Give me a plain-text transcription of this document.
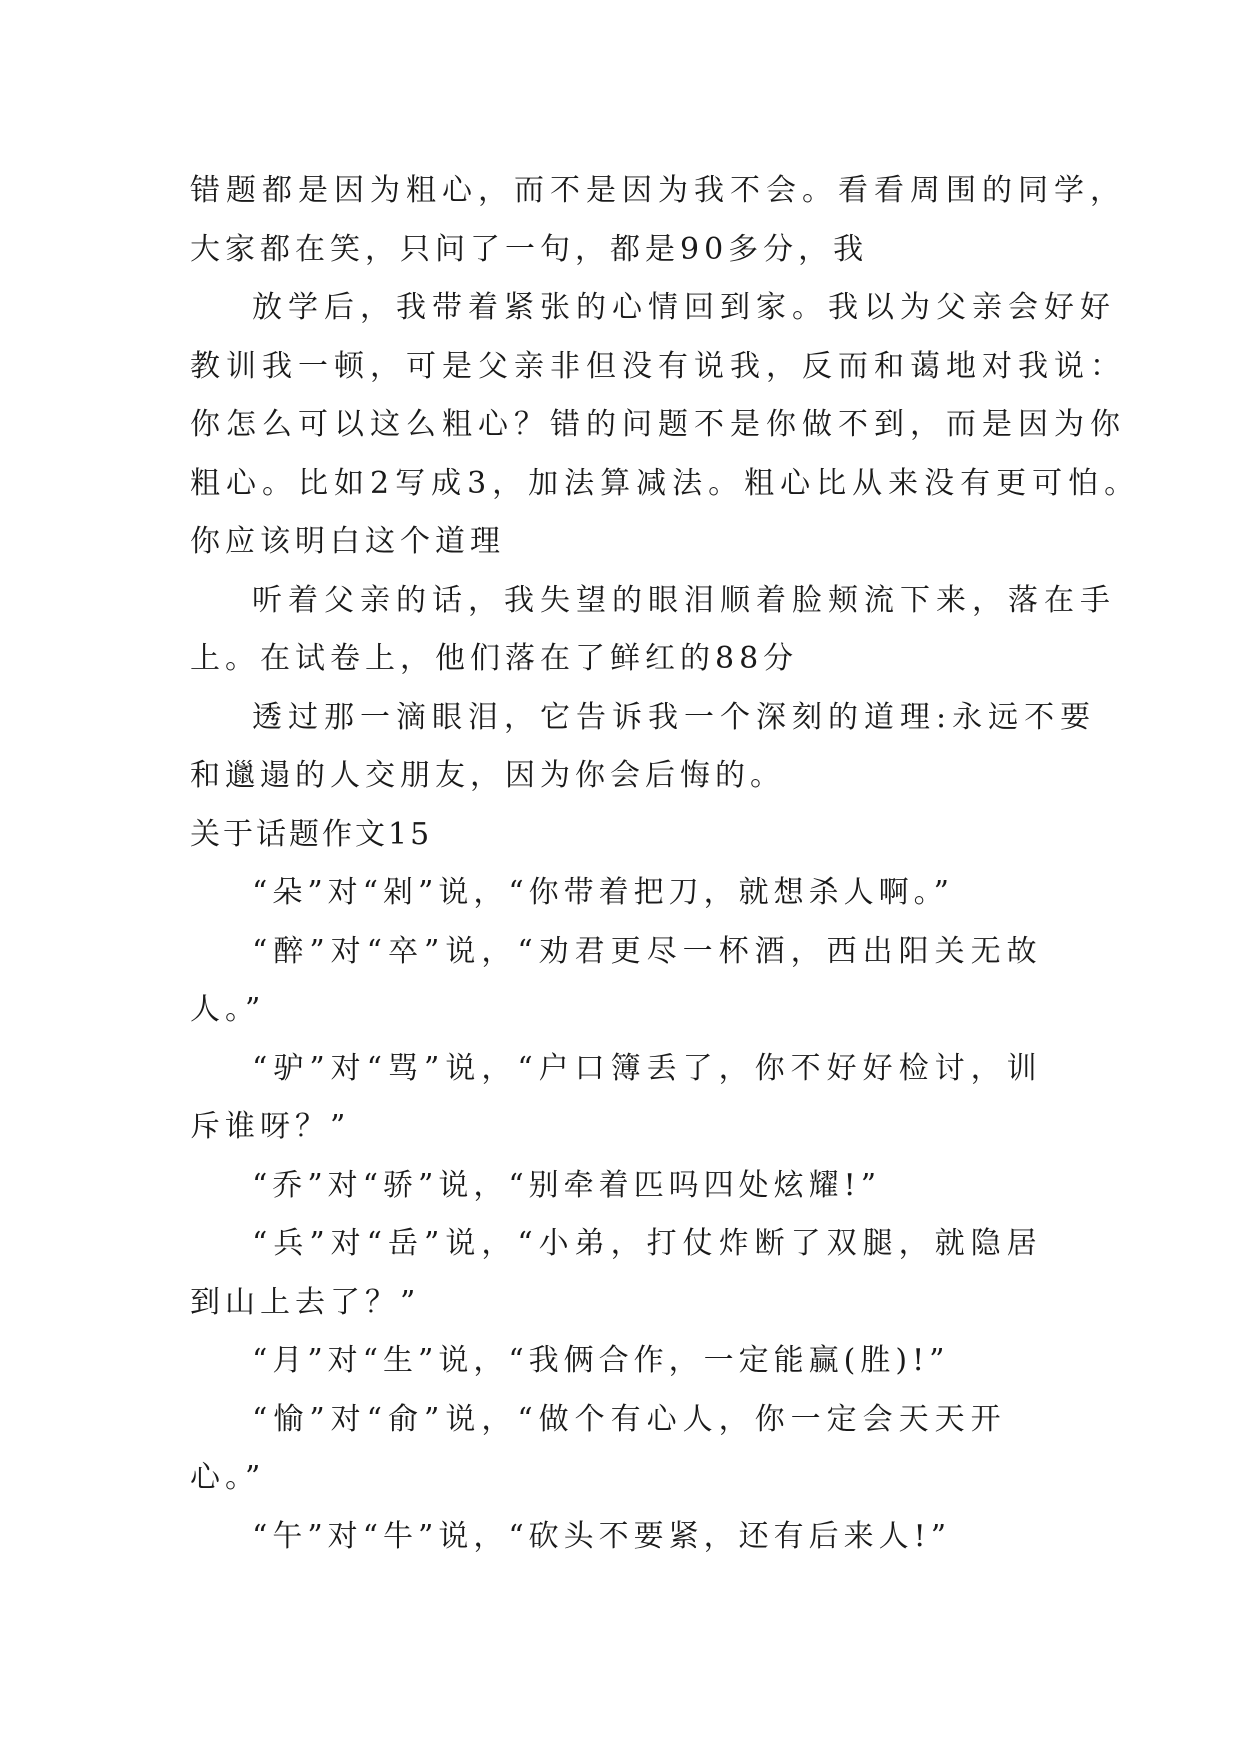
错题都是因为粗心，而不是因为我不会。看看周围的同学，
大家都在笑，只问了一句，都是90多分，我
放学后，我带着紧张的心情回到家。我以为父亲会好好
教训我一顿，可是父亲非但没有说我，反而和蔼地对我说：
你怎么可以这么粗心？错的问题不是你做不到，而是因为你
粗心。比如2写成3，加法算减法。粗心比从来没有更可怕。
你应该明白这个道理
听着父亲的话，我失望的眼泪顺着脸颊流下来，落在手
上。在试卷上，他们落在了鲜红的88分
透过那一滴眼泪，它告诉我一个深刻的道理:永远不要
和邋遢的人交朋友，因为你会后悔的。
关于话题作文15
“朵”对“剁”说，“你带着把刀，就想杀人啊。”
“醉”对“卒”说，“劝君更尽一杯酒，西出阳关无故
人。”
“驴”对“骂”说，“户口簿丢了，你不好好检讨，训
斥谁呀？”
“乔”对“骄”说，“别牵着匹吗四处炫耀!”
“兵”对“岳”说，“小弟，打仗炸断了双腿，就隐居
到山上去了？”
“月”对“生”说，“我俩合作，一定能赢(胜)!”
“愉”对“俞”说，“做个有心人，你一定会天天开
心。”
“午”对“牛”说，“砍头不要紧，还有后来人!”
